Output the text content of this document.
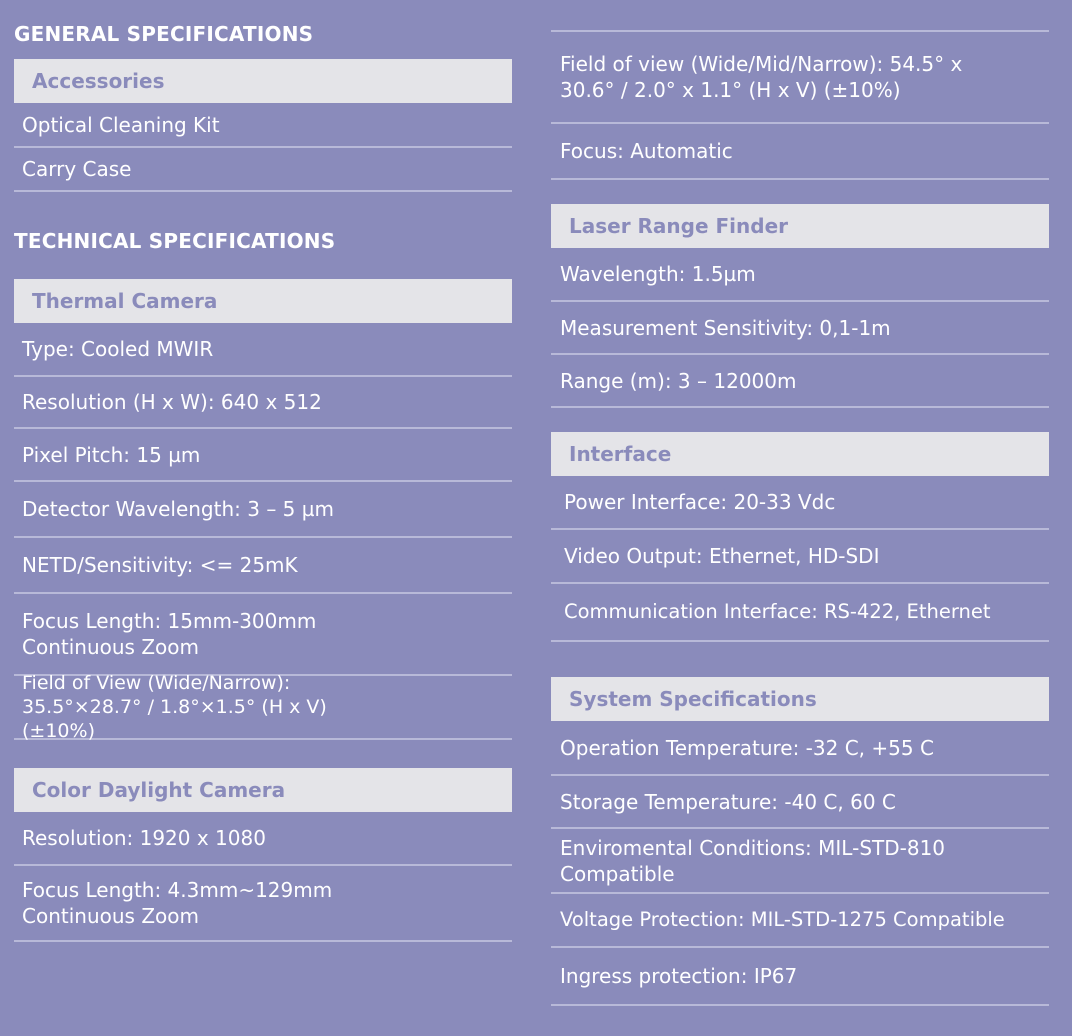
GENERAL SPECIFICATIONS
Accessories
Optical Cleaning Kit
Carry Case
TECHNICAL SPECIFICATIONS
Thermal Camera
Type: Cooled MWIR
Resolution (H x W): 640 x 512
Pixel Pitch: 15 µm
Detector Wavelength: 3 – 5 µm
NETD/Sensitivity: <= 25mK
Focus Length: 15mm-300mm Continuous Zoom
Field of View (Wide/Narrow): 35.5°×28.7° / 1.8°×1.5° (H x V) (±10%)
Color Daylight Camera
Resolution: 1920 x 1080
Focus Length: 4.3mm~129mm Continuous Zoom
Field of view (Wide/Mid/Narrow): 54.5° x 30.6° / 2.0° x 1.1° (H x V) (±10%)
Focus: Automatic
Laser Range Finder
Wavelength: 1.5µm
Measurement Sensitivity: 0,1-1m
Range (m): 3 – 12000m
Interface
Power Interface: 20-33 Vdc
Video Output: Ethernet, HD-SDI
Communication Interface: RS-422, Ethernet
System Specifications
Operation Temperature: -32 C, +55 C
Storage Temperature: -40 C, 60 C
Enviromental Conditions: MIL-STD-810 Compatible
Voltage Protection: MIL-STD-1275 Compatible
Ingress protection: IP67
